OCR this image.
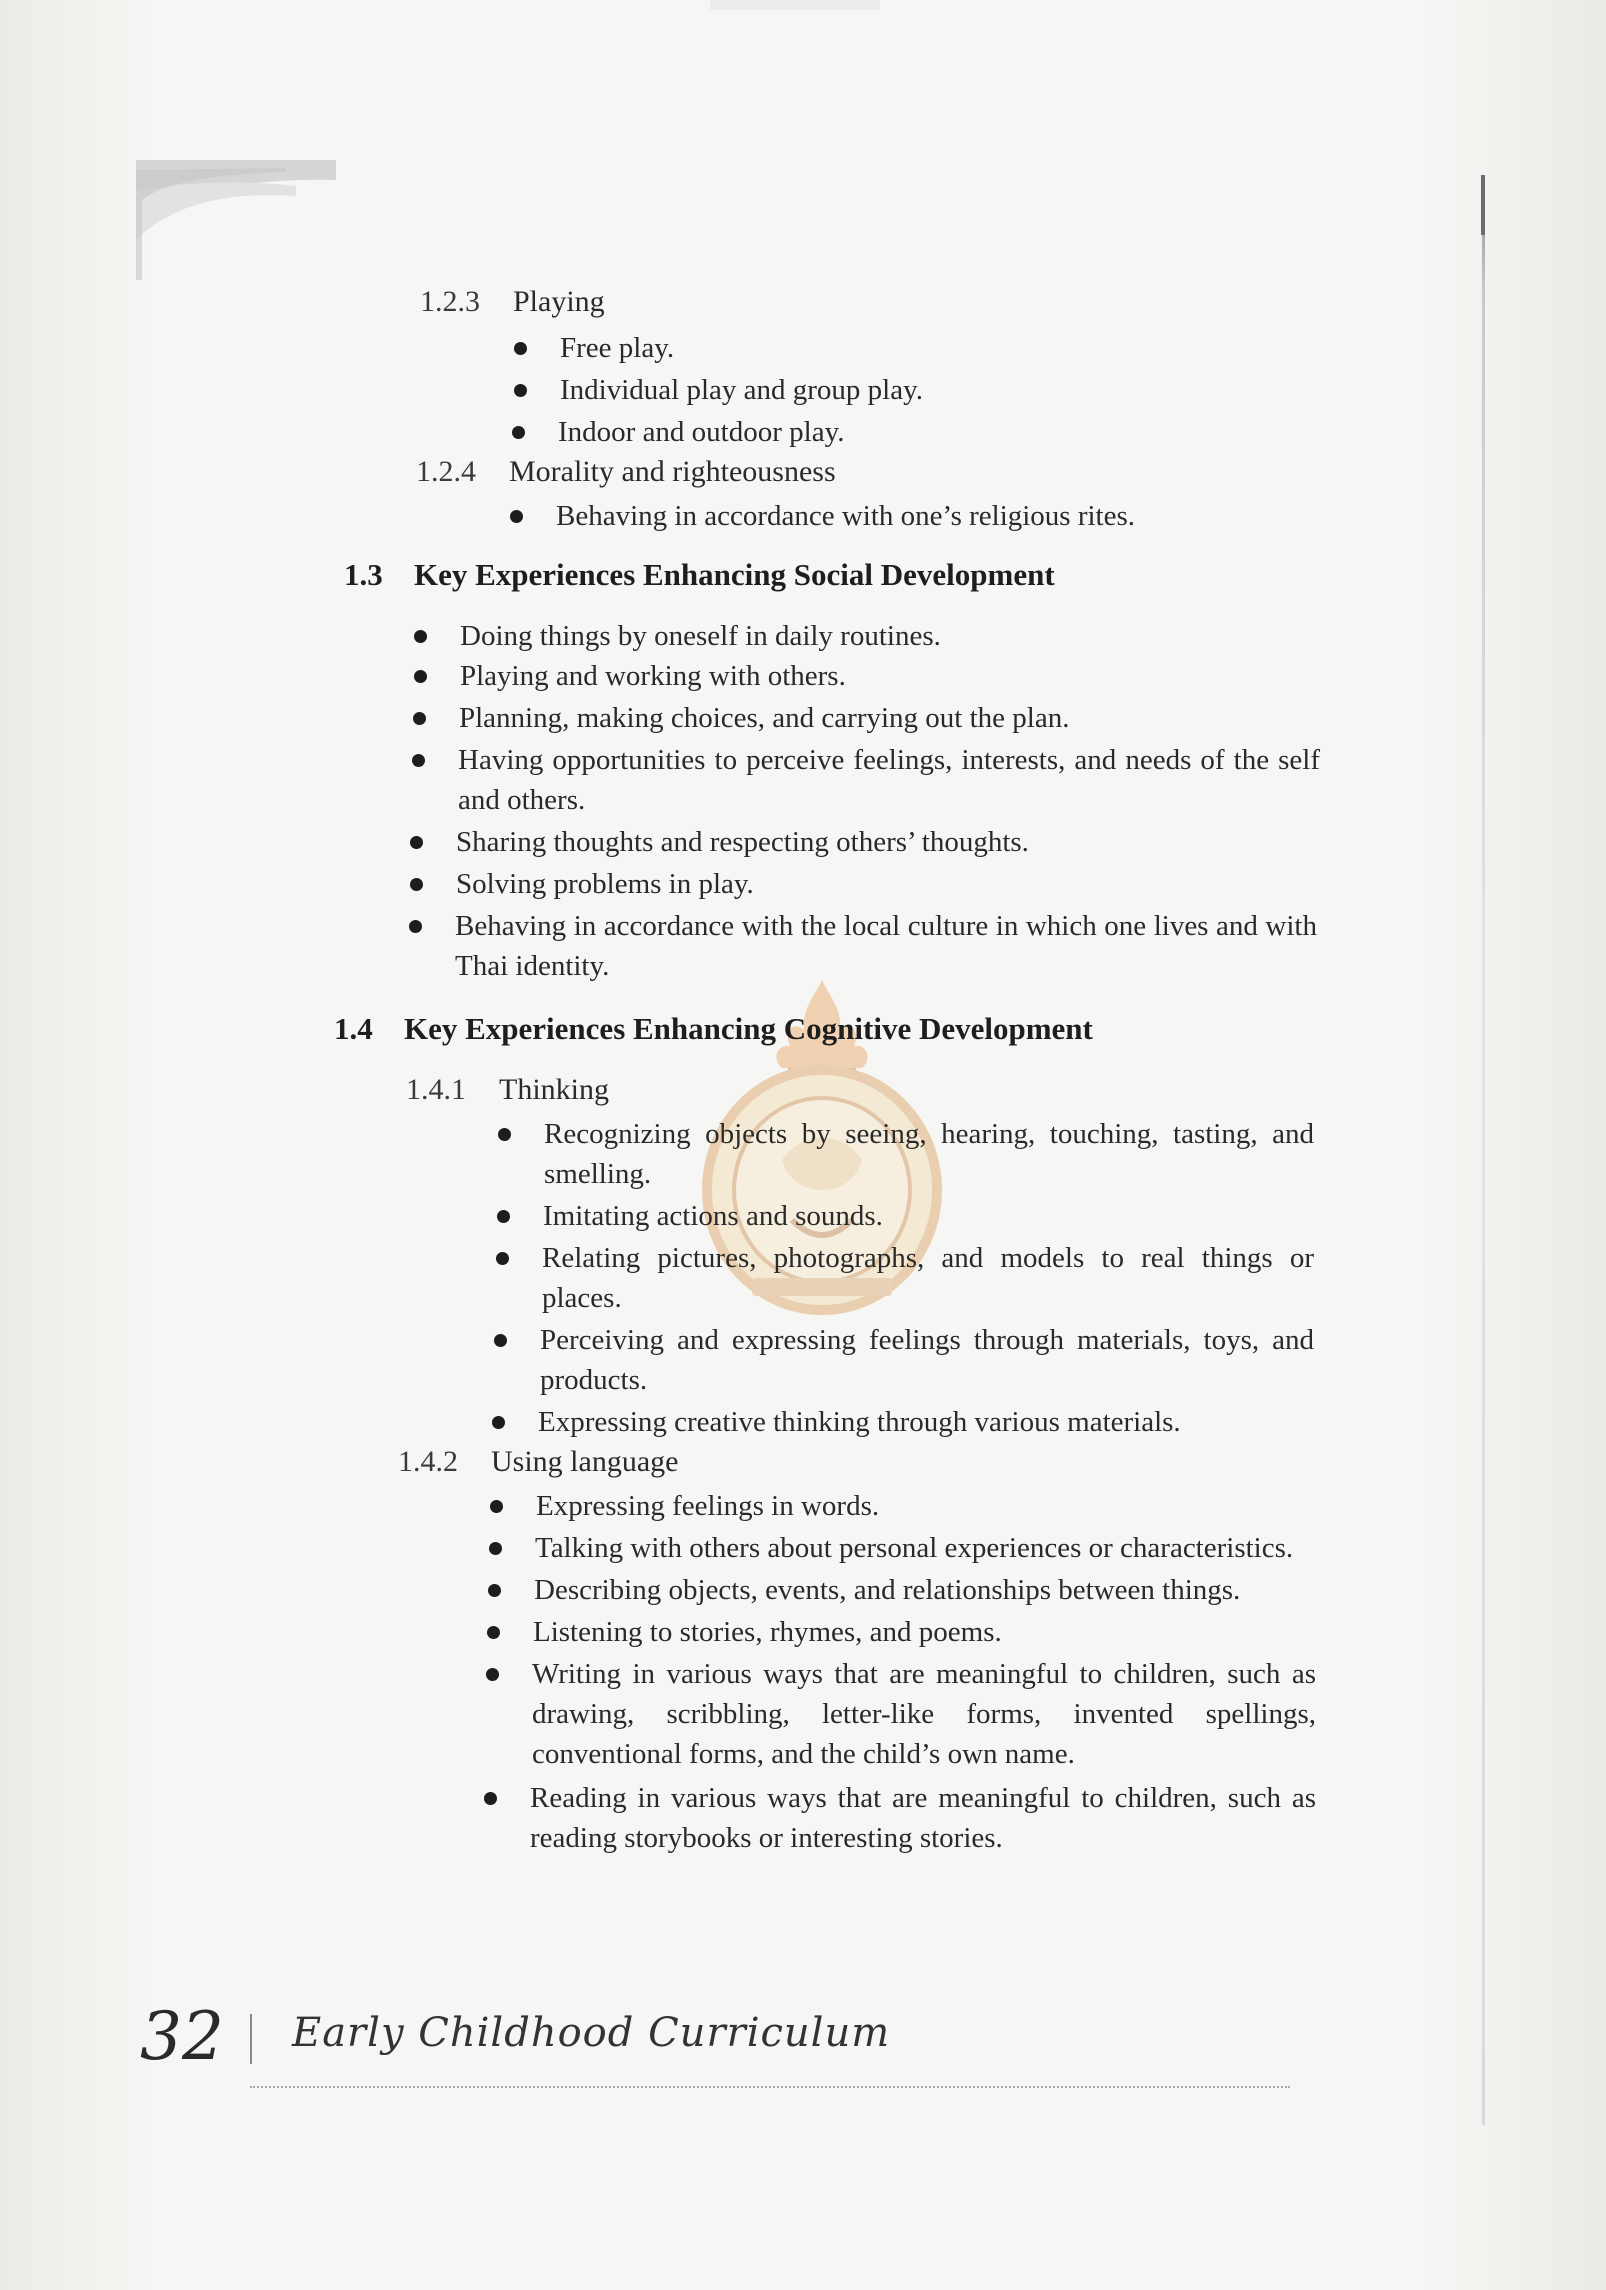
1.2.3 Playing
Free play.
Individual play and group play.
Indoor and outdoor play.
1.2.4 Morality and righteousness
Behaving in accordance with one’s religious rites.
1.3 Key Experiences Enhancing Social Development
Doing things by oneself in daily routines.
Playing and working with others.
Planning, making choices, and carrying out the plan.
Having opportunities to perceive feelings, interests, and needs of the self and others.
Sharing thoughts and respecting others’ thoughts.
Solving problems in play.
Behaving in accordance with the local culture in which one lives and with Thai identity.
1.4 Key Experiences Enhancing Cognitive Development
1.4.1 Thinking
Recognizing objects by seeing, hearing, touching, tasting, and smelling.
Imitating actions and sounds.
Relating pictures, photographs, and models to real things or places.
Perceiving and expressing feelings through materials, toys, and products.
Expressing creative thinking through various materials.
1.4.2 Using language
Expressing feelings in words.
Talking with others about personal experiences or characteristics.
Describing objects, events, and relationships between things.
Listening to stories, rhymes, and poems.
Writing in various ways that are meaningful to children, such as drawing, scribbling, letter-like forms, invented spellings, conventional forms, and the child’s own name.
Reading in various ways that are meaningful to children, such as reading storybooks or interesting stories.
32 Early Childhood Curriculum
